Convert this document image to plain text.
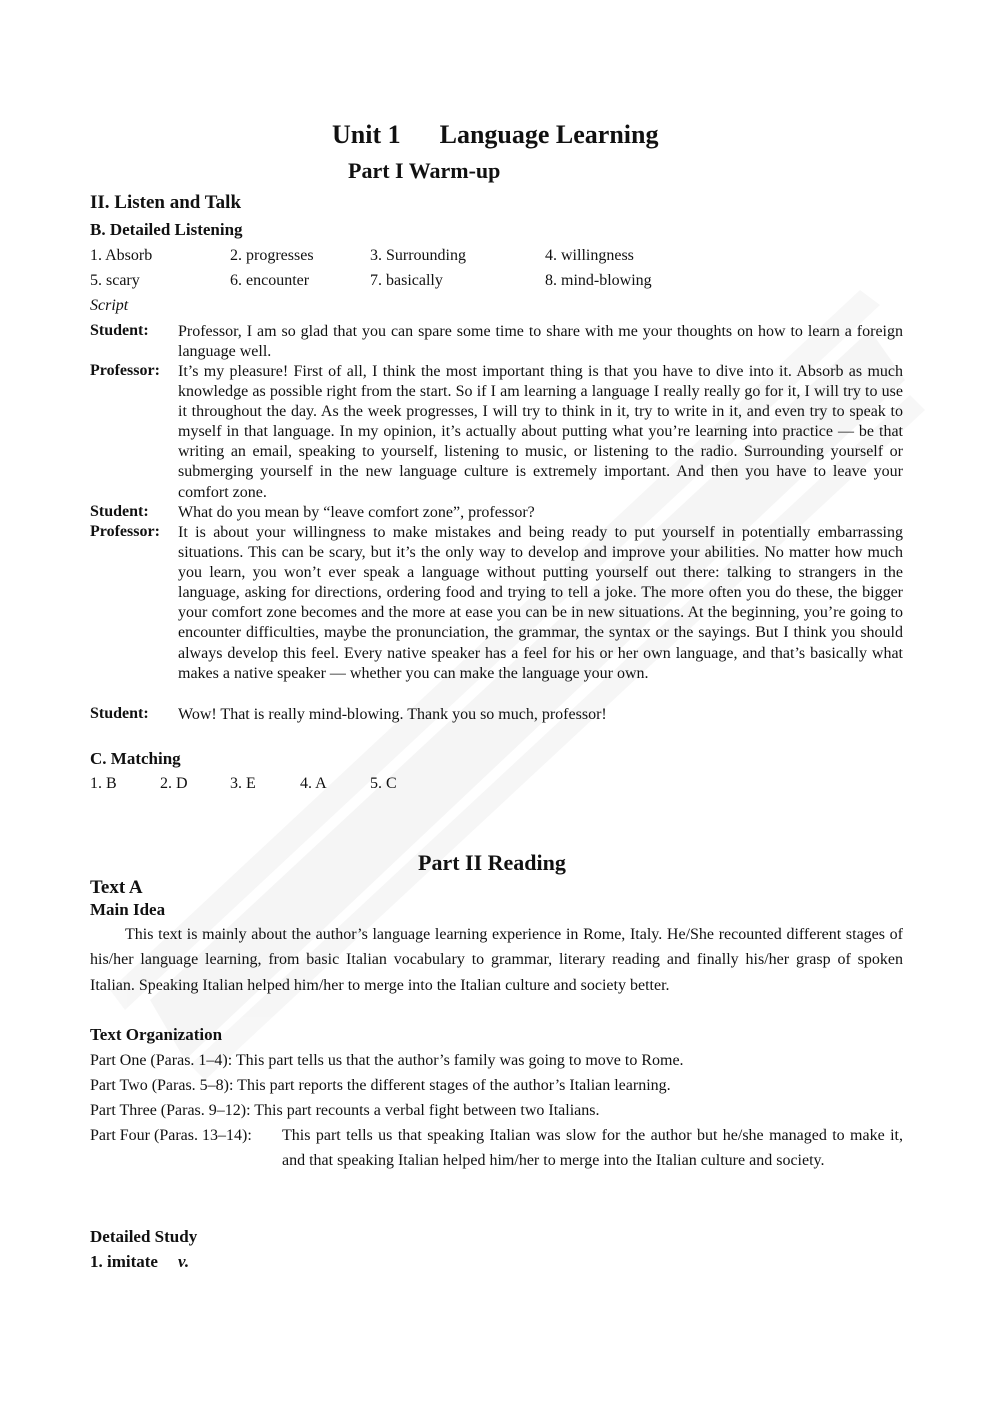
Unit 1      Language Learning
Part I Warm-up
II. Listen and Talk
B. Detailed Listening
1. Absorb	2. progresses	3. Surrounding	4. willingness
5. scary	6. encounter	7. basically	8. mind-blowing
Script
Student: Professor, I am so glad that you can spare some time to share with me your thoughts on how to learn a foreign language well.
Professor: It’s my pleasure! First of all, I think the most important thing is that you have to dive into it. Absorb as much knowledge as possible right from the start. So if I am learning a language I really really go for it, I will try to use it throughout the day. As the week progresses, I will try to think in it, try to write in it, and even try to speak to myself in that language. In my opinion, it’s actually about putting what you’re learning into practice — be that writing an email, speaking to yourself, listening to music, or listening to the radio. Surrounding yourself or submerging yourself in the new language culture is extremely important. And then you have to leave your comfort zone.
Student: What do you mean by “leave comfort zone”, professor?
Professor: It is about your willingness to make mistakes and being ready to put yourself in potentially embarrassing situations. This can be scary, but it’s the only way to develop and improve your abilities. No matter how much you learn, you won’t ever speak a language without putting yourself out there: talking to strangers in the language, asking for directions, ordering food and trying to tell a joke. The more often you do these, the bigger your comfort zone becomes and the more at ease you can be in new situations. At the beginning, you’re going to encounter difficulties, maybe the pronunciation, the grammar, the syntax or the sayings. But I think you should always develop this feel. Every native speaker has a feel for his or her own language, and that’s basically what makes a native speaker — whether you can make the language your own.
Student: Wow! That is really mind-blowing. Thank you so much, professor!
C. Matching
1. B	2. D	3. E	4. A	5. C
Part II Reading
Text A
Main Idea
This text is mainly about the author’s language learning experience in Rome, Italy. He/She recounted different stages of his/her language learning, from basic Italian vocabulary to grammar, literary reading and finally his/her grasp of spoken Italian. Speaking Italian helped him/her to merge into the Italian culture and society better.
Text Organization
Part One (Paras. 1–4): This part tells us that the author’s family was going to move to Rome.
Part Two (Paras. 5–8): This part reports the different stages of the author’s Italian learning.
Part Three (Paras. 9–12): This part recounts a verbal fight between two Italians.
Part Four (Paras. 13–14): This part tells us that speaking Italian was slow for the author but he/she managed to make it, and that speaking Italian helped him/her to merge into the Italian culture and society.
Detailed Study
1. imitate v.
